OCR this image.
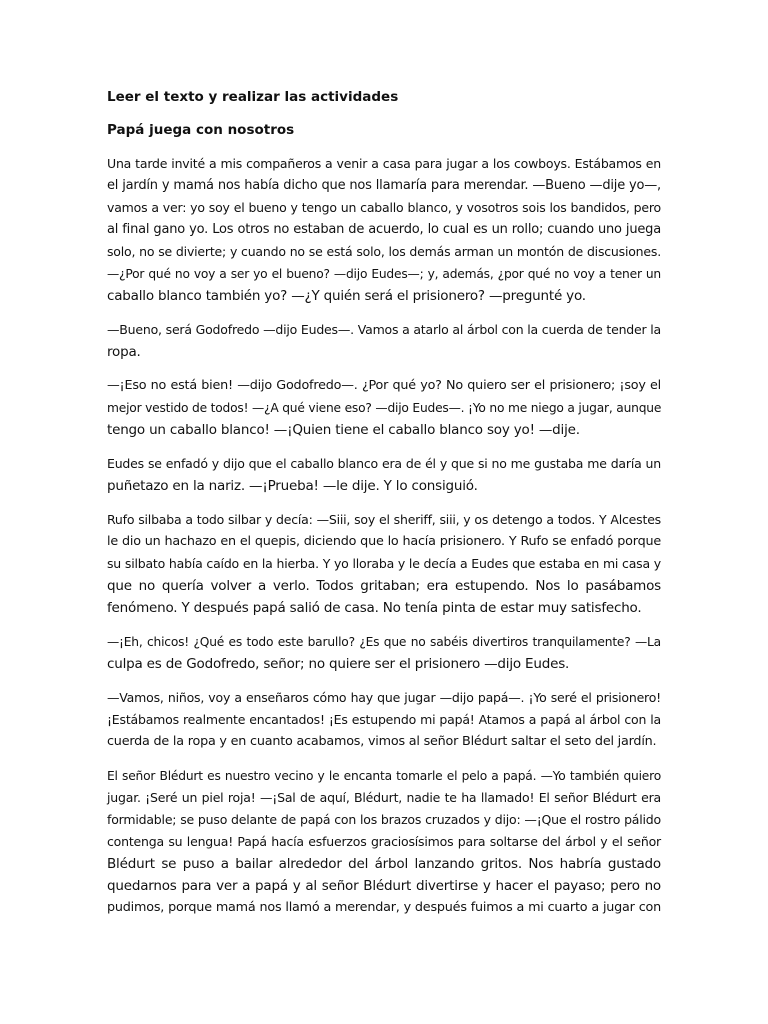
Leer el texto y realizar las actividades
Papá juega con nosotros
Una tarde invité a mis compañeros a venir a casa para jugar a los cowboys. Estábamos en
el jardín y mamá nos había dicho que nos llamaría para merendar. —Bueno —dije yo—,
vamos a ver: yo soy el bueno y tengo un caballo blanco, y vosotros sois los bandidos, pero
al final gano yo. Los otros no estaban de acuerdo, lo cual es un rollo; cuando uno juega
solo, no se divierte; y cuando no se está solo, los demás arman un montón de discusiones.
—¿Por qué no voy a ser yo el bueno? —dijo Eudes—; y, además, ¿por qué no voy a tener un
caballo blanco también yo? —¿Y quién será el prisionero? —pregunté yo.
—Bueno, será Godofredo —dijo Eudes—. Vamos a atarlo al árbol con la cuerda de tender la
ropa.
—¡Eso no está bien! —dijo Godofredo—. ¿Por qué yo? No quiero ser el prisionero; ¡soy el
mejor vestido de todos! —¿A qué viene eso? —dijo Eudes—. ¡Yo no me niego a jugar, aunque
tengo un caballo blanco! —¡Quien tiene el caballo blanco soy yo! —dije.
Eudes se enfadó y dijo que el caballo blanco era de él y que si no me gustaba me daría un
puñetazo en la nariz. —¡Prueba! —le dije. Y lo consiguió.
Rufo silbaba a todo silbar y decía: —Siii, soy el sheriff, siii, y os detengo a todos. Y Alcestes
le dio un hachazo en el quepis, diciendo que lo hacía prisionero. Y Rufo se enfadó porque
su silbato había caído en la hierba. Y yo lloraba y le decía a Eudes que estaba en mi casa y
que no quería volver a verlo. Todos gritaban; era estupendo. Nos lo pasábamos
fenómeno. Y después papá salió de casa. No tenía pinta de estar muy satisfecho.
—¡Eh, chicos! ¿Qué es todo este barullo? ¿Es que no sabéis divertiros tranquilamente? —La
culpa es de Godofredo, señor; no quiere ser el prisionero —dijo Eudes.
—Vamos, niños, voy a enseñaros cómo hay que jugar —dijo papá—. ¡Yo seré el prisionero!
¡Estábamos realmente encantados! ¡Es estupendo mi papá! Atamos a papá al árbol con la
cuerda de la ropa y en cuanto acabamos, vimos al señor Blédurt saltar el seto del jardín.
El señor Blédurt es nuestro vecino y le encanta tomarle el pelo a papá. —Yo también quiero
jugar. ¡Seré un piel roja! —¡Sal de aquí, Blédurt, nadie te ha llamado! El señor Blédurt era
formidable; se puso delante de papá con los brazos cruzados y dijo: —¡Que el rostro pálido
contenga su lengua! Papá hacía esfuerzos graciosísimos para soltarse del árbol y el señor
Blédurt se puso a bailar alrededor del árbol lanzando gritos. Nos habría gustado
quedarnos para ver a papá y al señor Blédurt divertirse y hacer el payaso; pero no
pudimos, porque mamá nos llamó a merendar, y después fuimos a mi cuarto a jugar con
